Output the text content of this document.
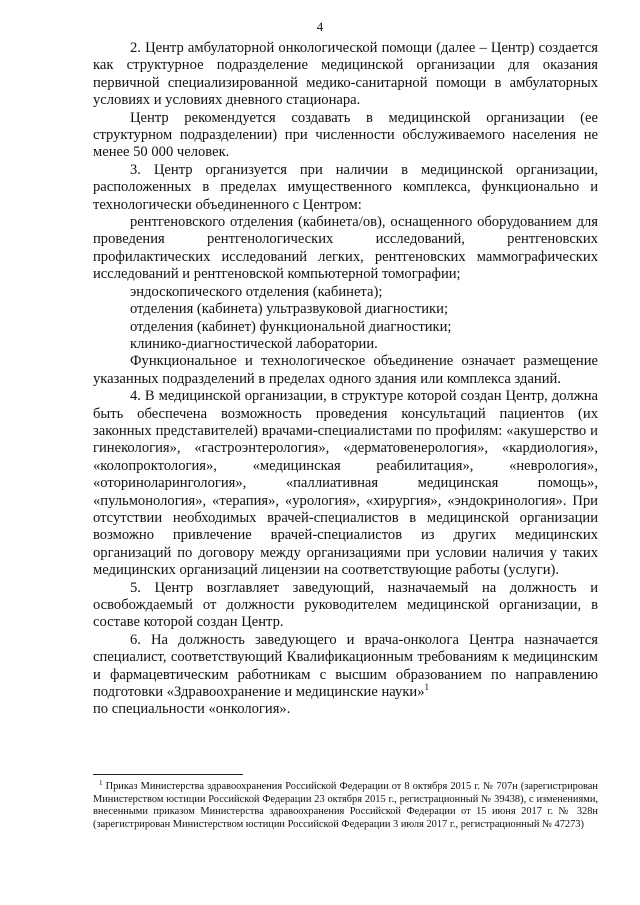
4

2. Центр амбулаторной онкологической помощи (далее – Центр) создается как структурное подразделение медицинской организации для оказания первичной специализированной медико-санитарной помощи в амбулаторных условиях и условиях дневного стационара.

Центр рекомендуется создавать в медицинской организации (ее структурном подразделении) при численности обслуживаемого населения не менее 50 000 человек.

3. Центр организуется при наличии в медицинской организации, расположенных в пределах имущественного комплекса, функционально и технологически объединенного с Центром:

рентгеновского отделения (кабинета/ов), оснащенного оборудованием для проведения рентгенологических исследований, рентгеновских профилактических исследований легких, рентгеновских маммографических исследований и рентгеновской компьютерной томографии;

эндоскопического отделения (кабинета);

отделения (кабинета) ультразвуковой диагностики;

отделения (кабинет) функциональной диагностики;

клинико-диагностической лаборатории.

Функциональное и технологическое объединение означает размещение указанных подразделений в пределах одного здания или комплекса зданий.

4. В медицинской организации, в структуре которой создан Центр, должна быть обеспечена возможность проведения консультаций пациентов (их законных представителей) врачами-специалистами по профилям: «акушерство и гинекология», «гастроэнтерология», «дерматовенерология», «кардиология», «колопроктология», «медицинская реабилитация», «неврология», «оториноларингология», «паллиативная медицинская помощь», «пульмонология», «терапия», «урология», «хирургия», «эндокринология». При отсутствии необходимых врачей-специалистов в медицинской организации возможно привлечение врачей-специалистов из других медицинских организаций по договору между организациями при условии наличия у таких медицинских организаций лицензии на соответствующие работы (услуги).

5. Центр возглавляет заведующий, назначаемый на должность и освобождаемый от должности руководителем медицинской организации, в составе которой создан Центр.

6. На должность заведующего и врача-онколога Центра назначается специалист, соответствующий Квалификационным требованиям к медицинским и фармацевтическим работникам с высшим образованием по направлению подготовки «Здравоохранение и медицинские науки»$^1$

по специальности «онкология».

$^1$ Приказ Министерства здравоохранения Российской Федерации от 8 октября 2015 г. № 707н (зарегистрирован Министерством юстиции Российской Федерации 23 октября 2015 г., регистрационный № 39438), с изменениями, внесенными приказом Министерства здравоохранения Российской Федерации от 15 июня 2017 г. № 328н (зарегистрирован Министерством юстиции Российской Федерации 3 июля 2017 г., регистрационный № 47273)
